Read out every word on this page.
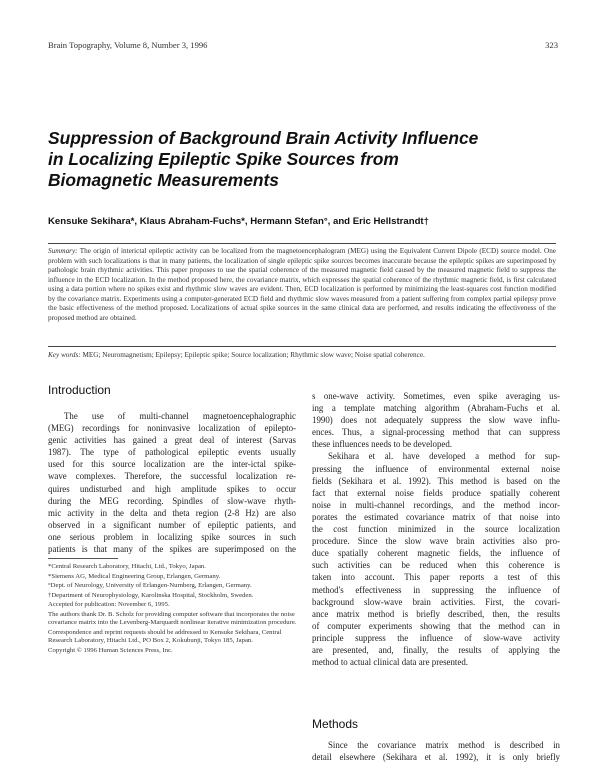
Brain Topography, Volume 8, Number 3, 1996	323
Suppression of Background Brain Activity Influence in Localizing Epileptic Spike Sources from Biomagnetic Measurements
Kensuke Sekihara*, Klaus Abraham-Fuchs*, Hermann Stefan°, and Eric Hellstrandt†
Summary: The origin of interictal epileptic activity can be localized from the magnetoencephalogram (MEG) using the Equivalent Current Dipole (ECD) source model. One problem with such localizations is that in many patients, the localization of single epileptic spike sources becomes inaccurate because the epileptic spikes are superimposed by pathologic brain rhythmic activities. This paper proposes to use the spatial coherence of the measured magnetic field caused by the measured magnetic field to suppress the influence in the ECD localization. In the method proposed here, the covariance matrix, which expresses the spatial coherence of the rhythmic magnetic field, is first calculated using a data portion where no spikes exist and rhythmic slow waves are evident. Then, ECD localization is performed by minimizing the least-squares cost function modified by the covariance matrix. Experiments using a computer-generated ECD field and rhythmic slow waves measured from a patient suffering from complex partial epilepsy prove the basic effectiveness of the method proposed. Localizations of actual spike sources in the same clinical data are performed, and results indicating the effectiveness of the proposed method are obtained.
Key words: MEG; Neuromagnetism; Epilepsy; Epileptic spike; Source localization; Rhythmic slow wave; Noise spatial coherence.
Introduction
The use of multi-channel magnetoencephalographic
(MEG) recordings for noninvasive localization of epilepto-
genic activities has gained a great deal of interest (Sarvas
1987). The type of pathological epileptic events usually
used for this source localization are the inter-ictal spike-
wave complexes. Therefore, the successful localization re-
quires undisturbed and high amplitude spikes to occur
during the MEG recording. Spindles of slow-wave rhyth-
mic activity in the delta and theta region (2-8 Hz) are also
observed in a significant number of epileptic patients, and
one serious problem in localizing spike sources in such
patients is that many of the spikes are superimposed on the

*Central Research Laboratory, Hitachi, Ltd., Tokyo, Japan.

*Siemens AG, Medical Engineering Group, Erlangen, Germany.

°Dept. of Neurology, University of Erlangen-Nurnberg, Erlangen, Germany.

†Department of Neurophysiology, Karolinska Hospital, Stockholm, Sweden.

Accepted for publication: November 6, 1995.

The authors thank Dr. B. Scholz for providing computer software that incorporates the noise covariance matrix into the Levenberg-Marquardt nonlinear iterative minimization procedure.

Correspondence and reprint requests should be addressed to Kensuke Sekihara, Central Research Laboratory, Hitachi Ltd., PO Box 2, Kokubunji, Tokyo 185, Japan.

Copyright © 1996 Human Sciences Press, Inc.

s one-wave activity. Sometimes, even spike averaging us-
ing a template matching algorithm (Abraham-Fuchs et al.
1990) does not adequately suppress the slow wave influ-
ences. Thus, a signal-processing method that can suppress
these influences needs to be developed.
Sekihara et al. have developed a method for sup-
pressing the influence of environmental external noise
fields (Sekihara et al. 1992). This method is based on the
fact that external noise fields produce spatially coherent
noise in multi-channel recordings, and the method incor-
porates the estimated covariance matrix of that noise into
the cost function minimized in the source localization
procedure. Since the slow wave brain activities also pro-
duce spatially coherent magnetic fields, the influence of
such activities can be reduced when this coherence is
taken into account. This paper reports a test of this
method's effectiveness in suppressing the influence of
background slow-wave brain activities. First, the covari-
ance matrix method is briefly described, then, the results
of computer experiments showing that the method can in
principle suppress the influence of slow-wave activity
are presented, and, finally, the results of applying the
method to actual clinical data are presented.
Methods
Since the covariance matrix method is described in
detail elsewhere (Sekihara et al. 1992), it is only briefly
